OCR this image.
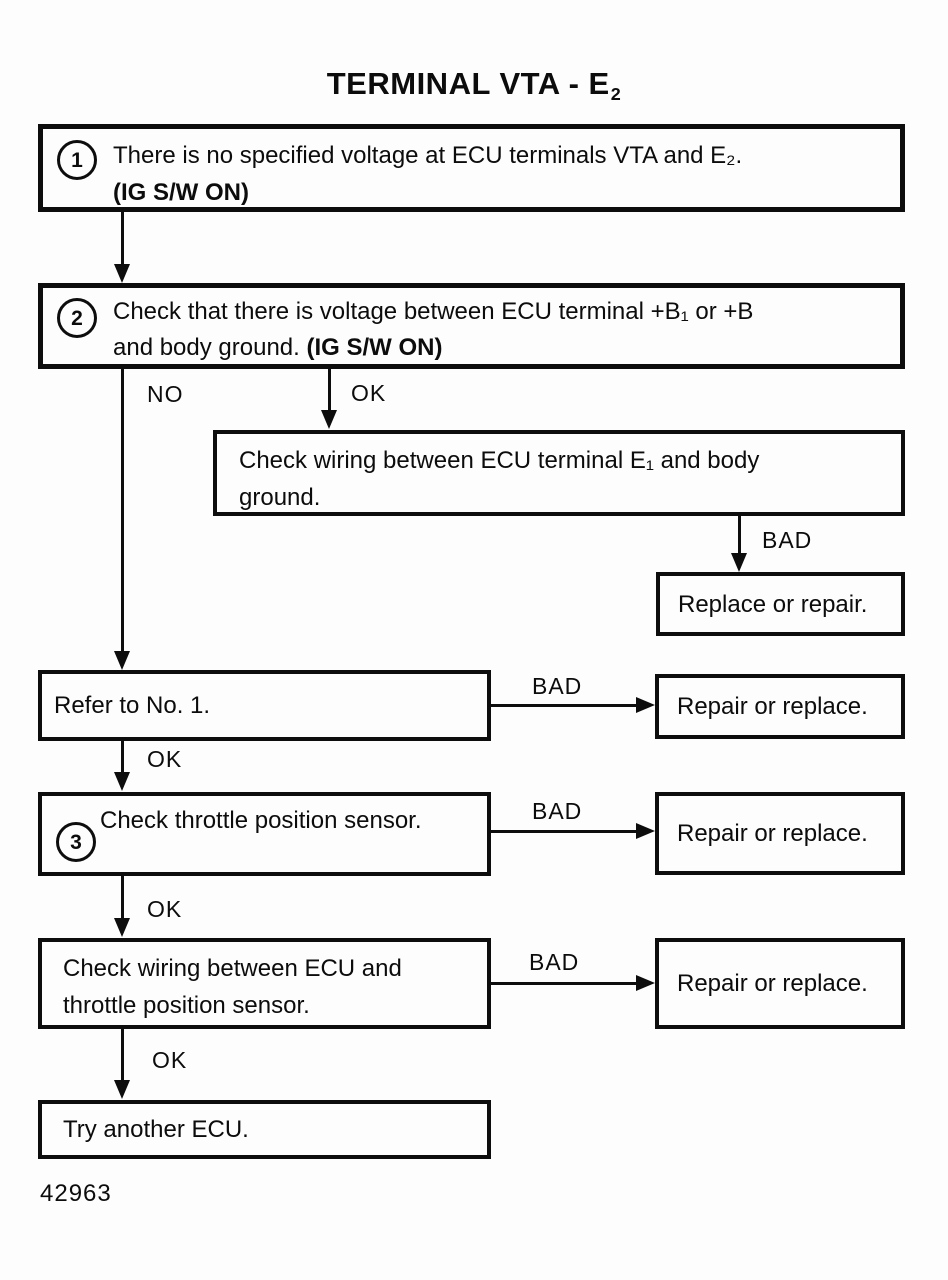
TERMINAL VTA - $E_2$
1	There is no specified voltage at ECU terminals VTA and E₂.
(IG S/W ON)
2	Check that there is voltage between ECU terminal +B₁ or +B
and body ground. (IG S/W ON)
NO	OK
Check wiring between ECU terminal E₁ and body
ground.
BAD
Replace or repair.
Refer to No. 1.
BAD
Repair or replace.
OK
3
Check throttle position sensor.	BAD
Repair or replace.
OK
Check wiring between ECU and
throttle position sensor.
BAD
Repair or replace.
OK
Try another ECU.
42963
